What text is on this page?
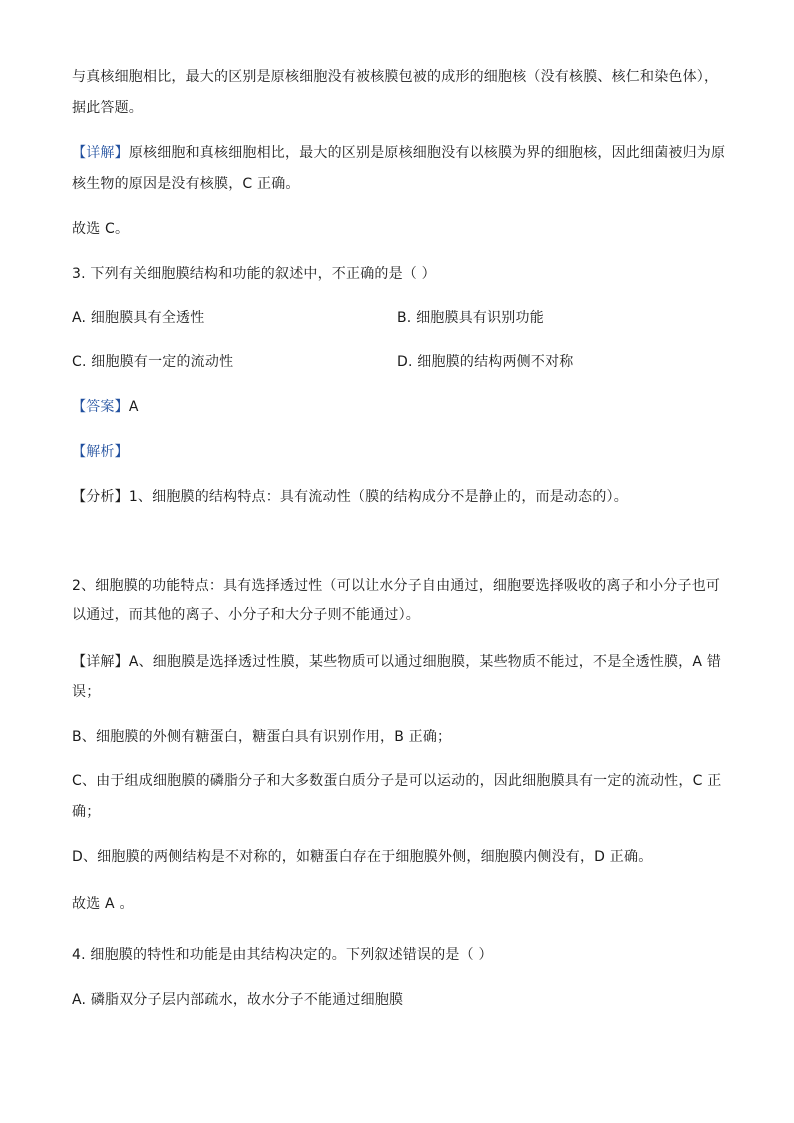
与真核细胞相比，最大的区别是原核细胞没有被核膜包被的成形的细胞核（没有核膜、核仁和染色体），
据此答题。
【详解】原核细胞和真核细胞相比，最大的区别是原核细胞没有以核膜为界的细胞核，因此细菌被归为原
核生物的原因是没有核膜，C 正确。
故选 C。
3. 下列有关细胞膜结构和功能的叙述中，不正确的是（ ）
A. 细胞膜具有全透性	B. 细胞膜具有识别功能
C. 细胞膜有一定的流动性	D. 细胞膜的结构两侧不对称
【答案】A
【解析】
【分析】1、细胞膜的结构特点：具有流动性（膜的结构成分不是静止的，而是动态的）。
2、细胞膜的功能特点：具有选择透过性（可以让水分子自由通过，细胞要选择吸收的离子和小分子也可
以通过，而其他的离子、小分子和大分子则不能通过）。
【详解】A、细胞膜是选择透过性膜，某些物质可以通过细胞膜，某些物质不能过，不是全透性膜，A 错
误；
B、细胞膜的外侧有糖蛋白，糖蛋白具有识别作用，B 正确；
C、由于组成细胞膜的磷脂分子和大多数蛋白质分子是可以运动的，因此细胞膜具有一定的流动性，C 正
确；
D、细胞膜的两侧结构是不对称的，如糖蛋白存在于细胞膜外侧，细胞膜内侧没有，D 正确。
故选 A 。
4. 细胞膜的特性和功能是由其结构决定的。下列叙述错误的是（ ）
A. 磷脂双分子层内部疏水，故水分子不能通过细胞膜
